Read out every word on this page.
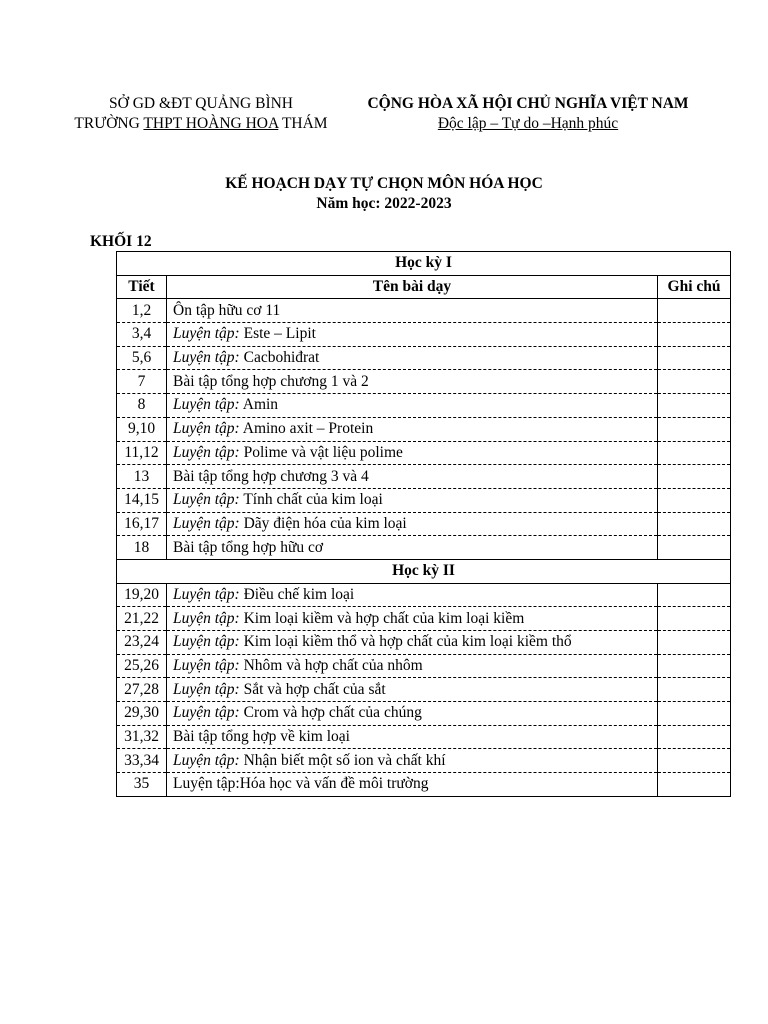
SỞ GD &ĐT QUẢNG BÌNH
TRƯỜNG THPT HOÀNG HOA THÁM
CỘNG HÒA XÃ HỘI CHỦ NGHĨA VIỆT NAM
Độc lập – Tự do –Hạnh phúc
KẾ HOẠCH DẠY TỰ CHỌN MÔN HÓA HỌC
Năm học: 2022-2023
KHỐI 12
Học kỳ I		
Tiết	Tên bài dạy	Ghi chú
1,2	Ôn tập hữu cơ 11	
3,4	Luyện tập: Este – Lipit	
5,6	Luyện tập: Cacbohiđrat	
7	Bài tập tổng hợp chương 1 và 2	
8	Luyện tập: Amin	
9,10	Luyện tập: Amino axit – Protein	
11,12	Luyện tập: Polime và vật liệu polime	
13	Bài tập tổng hợp chương 3 và 4	
14,15	Luyện tập: Tính chất của kim loại	
16,17	Luyện tập: Dãy điện hóa của kim loại	
18	Bài tập tổng hợp hữu cơ	
Học kỳ II		
19,20	Luyện tập: Điều chế kim loại	
21,22	Luyện tập: Kim loại kiềm và hợp chất của kim loại kiềm	
23,24	Luyện tập: Kim loại kiềm thổ và hợp chất của kim loại kiềm thổ	
25,26	Luyện tập: Nhôm và hợp chất của nhôm	
27,28	Luyện tập: Sắt và hợp chất của sắt	
29,30	Luyện tập: Crom và hợp chất của chúng	
31,32	Bài tập tổng hợp về kim loại	
33,34	Luyện tập: Nhận biết một số ion và chất khí	
35	Luyện tập:Hóa học và vấn đề môi trường	
